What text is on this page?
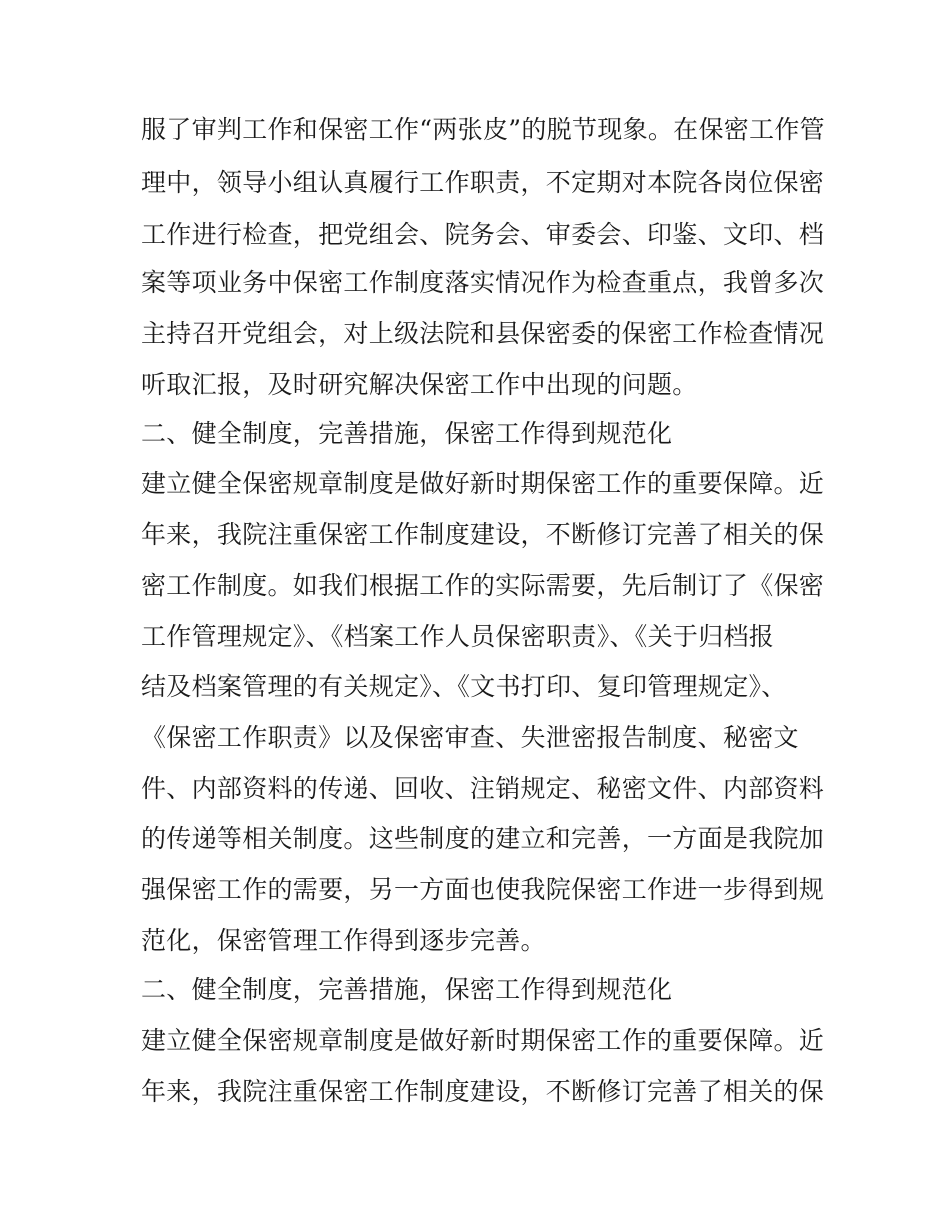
服了审判工作和保密工作“两张皮”的脱节现象。在保密工作管
理中，领导小组认真履行工作职责，不定期对本院各岗位保密
工作进行检查，把党组会、院务会、审委会、印鉴、文印、档
案等项业务中保密工作制度落实情况作为检查重点，我曾多次
主持召开党组会，对上级法院和县保密委的保密工作检查情况
听取汇报，及时研究解决保密工作中出现的问题。
二、健全制度，完善措施，保密工作得到规范化
建立健全保密规章制度是做好新时期保密工作的重要保障。近
年来，我院注重保密工作制度建设，不断修订完善了相关的保
密工作制度。如我们根据工作的实际需要，先后制订了《保密
工作管理规定》、《档案工作人员保密职责》、《关于归档报
结及档案管理的有关规定》、《文书打印、复印管理规定》、
《保密工作职责》以及保密审查、失泄密报告制度、秘密文
件、内部资料的传递、回收、注销规定、秘密文件、内部资料
的传递等相关制度。这些制度的建立和完善，一方面是我院加
强保密工作的需要，另一方面也使我院保密工作进一步得到规
范化，保密管理工作得到逐步完善。
二、健全制度，完善措施，保密工作得到规范化
建立健全保密规章制度是做好新时期保密工作的重要保障。近
年来，我院注重保密工作制度建设，不断修订完善了相关的保
